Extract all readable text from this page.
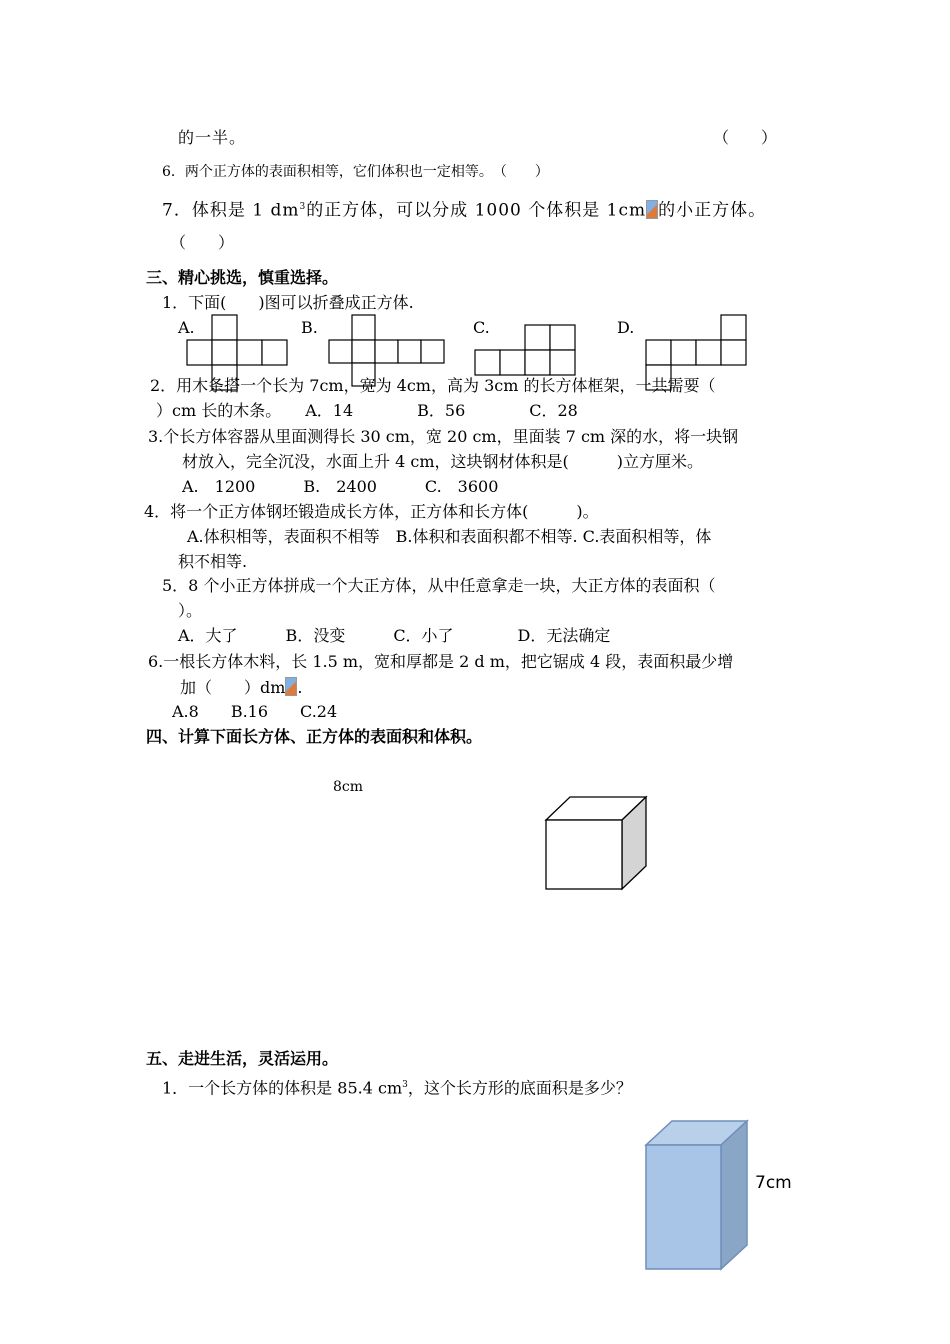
的一半。	（　　）
6．两个正方体的表面积相等，它们体积也一定相等。　（　　）
7．体积是 1 $dm^3$的正方体，可以分成 1000 个体积是 1cm 的小正方体。
（　　）
三、精心挑选，慎重选择。
1．下面(　　)图可以折叠成正方体.
A.	B.	C.	D.
2．用木条搭一个长为 7cm，宽为 4cm，高为 3cm 的长方体框架，一共需要（
）cm 长的木条。　　A．14　　　　B．56　　　　C．28
3.个长方体容器从里面测得长 30 cm，宽 20 cm，里面装 7 cm 深的水，将一块钢
材放入，完全沉没，水面上升 4 cm，这块钢材体积是(　　　)立方厘米。
A.　1200　　　B.　2400　　　C.　3600
4．将一个正方体钢坯锻造成长方体，正方体和长方体(　　　)。
A.体积相等，表面积不相等　B.体积和表面积都不相等. C.表面积相等，体
积不相等.
5．8 个小正方体拼成一个大正方体，从中任意拿走一块，大正方体的表面积（
）。
A．大了　　　B．没变　　　C．小了　　　　D．无法确定
6.一根长方体木料，长 1.5 m，宽和厚都是 2 d m，把它锯成 4 段，表面积最少增
加（　　）dm .
A.8　　B.16　　C.24
四、计算下面长方体、正方体的表面积和体积。
8cm
五、走进生活，灵活运用。
1．一个长方体的体积是 85.4 $cm^3$，这个长方形的底面积是多少？
7cm
